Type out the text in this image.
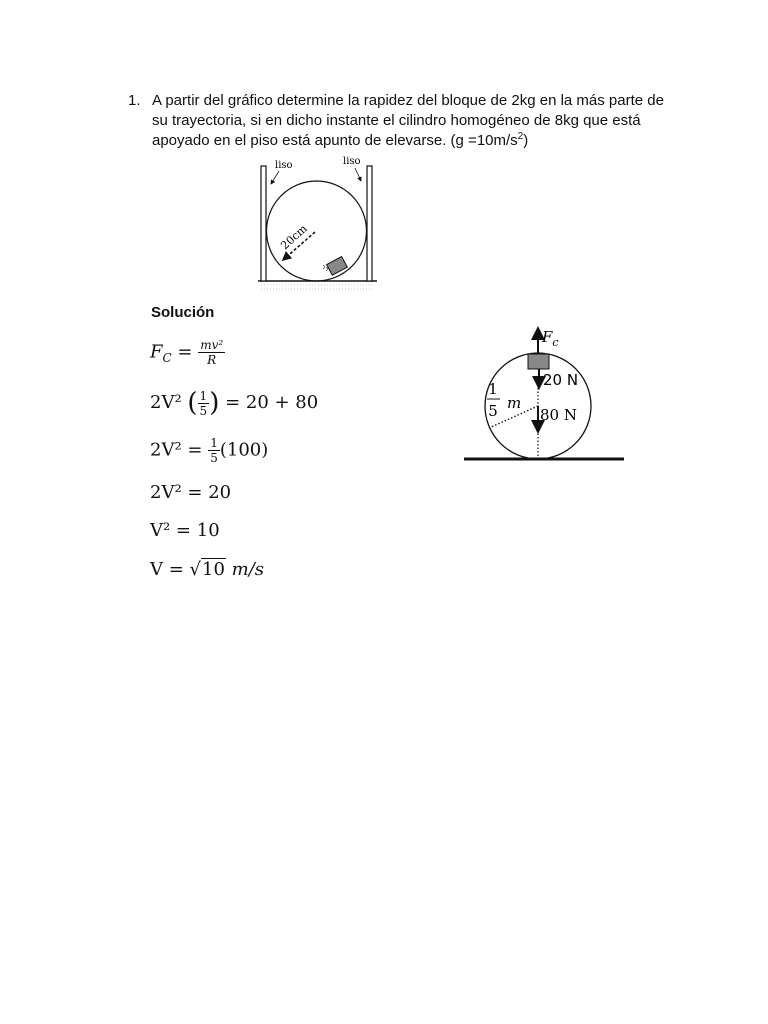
1. A partir del gráfico determine la rapidez del bloque de 2kg en la más parte de su trayectoria, si en dicho instante el cilindro homogéneo de 8kg que está apoyado en el piso está apunto de elevarse. $(g =10m/s^2)$
20cm
liso	liso
Solución
$F_C = \frac{\text{mv²}}{R}$
2V² ( $\frac{1}{5}$ ) = 20 + 80
$2V^2 = \frac{1}{5} (100)$
2V² = 20
V² = 10
V = √10 m/s
$F_c$
20 N
80 N
1
5 m
